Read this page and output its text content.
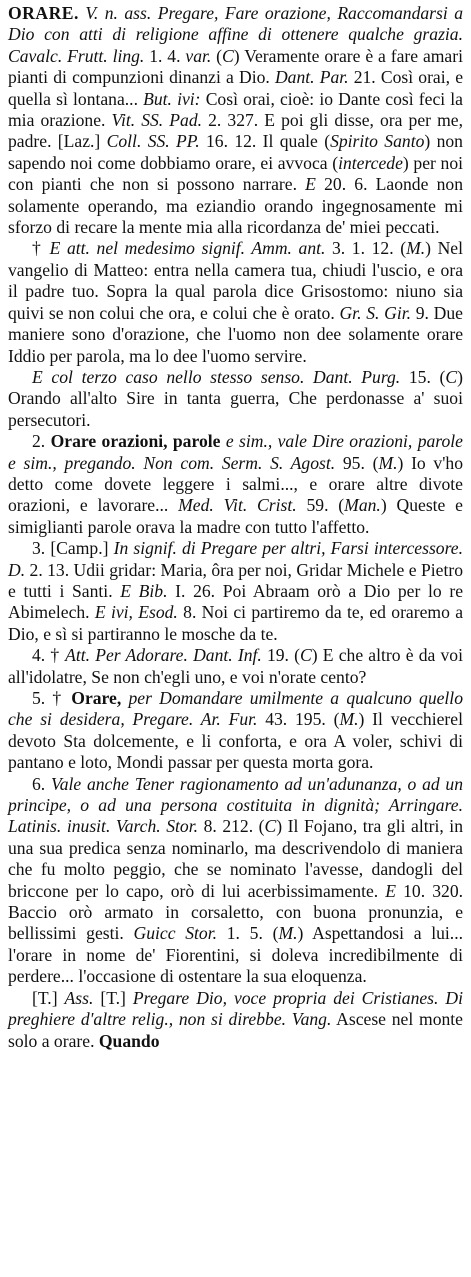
ORARE. V. n. ass. Pregare, Fare orazione, Raccomandarsi a Dio con atti di religione affine di ottenere qualche grazia. Cavalc. Frutt. ling. 1. 4. var. (C) Veramente orare è a fare amari pianti di compunzioni dinanzi a Dio. Dant. Par. 21. Così orai, e quella sì lontana... But. ivi: Così orai, cioè: io Dante così feci la mia orazione. Vit. SS. Pad. 2. 327. E poi gli disse, ora per me, padre. [Laz.] Coll. SS. PP. 16. 12. Il quale (Spirito Santo) non sapendo noi come dobbiamo orare, ei avvoca (intercede) per noi con pianti che non si possono narrare. E 20. 6. Laonde non solamente operando, ma eziandio orando ingegnosamente mi sforzo di recare la mente mia alla ricordanza de' miei peccati.

† E att. nel medesimo signif. Amm. ant. 3. 1. 12. (M.) Nel vangelio di Matteo: entra nella camera tua, chiudi l'uscio, e ora il padre tuo. Sopra la qual parola dice Grisostomo: niuno sia quivi se non colui che ora, e colui che è orato. Gr. S. Gir. 9. Due maniere sono d'orazione, che l'uomo non dee solamente orare Iddio per parola, ma lo dee l'uomo servire.

E col terzo caso nello stesso senso. Dant. Purg. 15. (C) Orando all'alto Sire in tanta guerra, Che perdonasse a' suoi persecutori.

2. Orare orazioni, parole e sim., vale Dire orazioni, parole e sim., pregando. Non com. Serm. S. Agost. 95. (M.) Io v'ho detto come dovete leggere i salmi..., e orare altre divote orazioni, e lavorare... Med. Vit. Crist. 59. (Man.) Queste e simiglianti parole orava la madre con tutto l'affetto.

3. [Camp.] In signif. di Pregare per altri, Farsi intercessore. D. 2. 13. Udii gridar: Maria, ôra per noi, Gridar Michele e Pietro e tutti i Santi. E Bib. I. 26. Poi Abraam orò a Dio per lo re Abimelech. E ivi, Esod. 8. Noi ci partiremo da te, ed oraremo a Dio, e sì si partiranno le mosche da te.

4. † Att. Per Adorare. Dant. Inf. 19. (C) E che altro è da voi all'idolatre, Se non ch'egli uno, e voi n'orate cento?

5. † Orare, per Domandare umilmente a qualcuno quello che si desidera, Pregare. Ar. Fur. 43. 195. (M.) Il vecchierel devoto Sta dolcemente, e li conforta, e ora A voler, schivi di pantano e loto, Mondi passar per questa morta gora.

6. Vale anche Tener ragionamento ad un'adunanza, o ad un principe, o ad una persona costituita in dignità; Arringare. Latinis. inusit. Varch. Stor. 8. 212. (C) Il Fojano, tra gli altri, in una sua predica senza nominarlo, ma descrivendolo di maniera che fu molto peggio, che se nominato l'avesse, dandogli del briccone per lo capo, orò di lui acerbissimamente. E 10. 320. Baccio orò armato in corsaletto, con buona pronunzia, e bellissimi gesti. Guicc Stor. 1. 5. (M.) Aspettandosi a lui... l'orare in nome de' Fiorentini, si doleva incredibilmente di perdere... l'occasione di ostentare la sua eloquenza.

[T.] Ass. [T.] Pregare Dio, voce propria dei Cristianes. Di preghiere d'altre relig., non si direbbe. Vang. Ascese nel monte solo a orare. Quando
